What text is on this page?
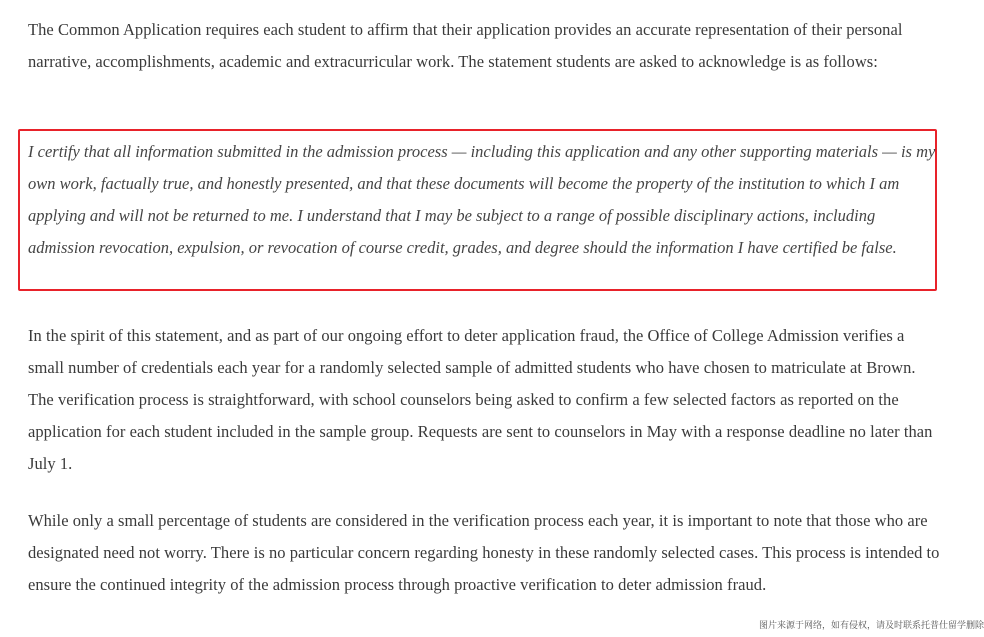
The Common Application requires each student to affirm that their application provides an accurate representation of their personal narrative, accomplishments, academic and extracurricular work. The statement students are asked to acknowledge is as follows:

I certify that all information submitted in the admission process — including this application and any other supporting materials — is my own work, factually true, and honestly presented, and that these documents will become the property of the institution to which I am applying and will not be returned to me. I understand that I may be subject to a range of possible disciplinary actions, including admission revocation, expulsion, or revocation of course credit, grades, and degree should the information I have certified be false.

In the spirit of this statement, and as part of our ongoing effort to deter application fraud, the Office of College Admission verifies a small number of credentials each year for a randomly selected sample of admitted students who have chosen to matriculate at Brown. The verification process is straightforward, with school counselors being asked to confirm a few selected factors as reported on the application for each student included in the sample group. Requests are sent to counselors in May with a response deadline no later than July 1.

While only a small percentage of students are considered in the verification process each year, it is important to note that those who are designated need not worry. There is no particular concern regarding honesty in these randomly selected cases. This process is intended to ensure the continued integrity of the admission process through proactive verification to deter admission fraud.

图片来源于网络，如有侵权，请及时联系托普仕留学删除
